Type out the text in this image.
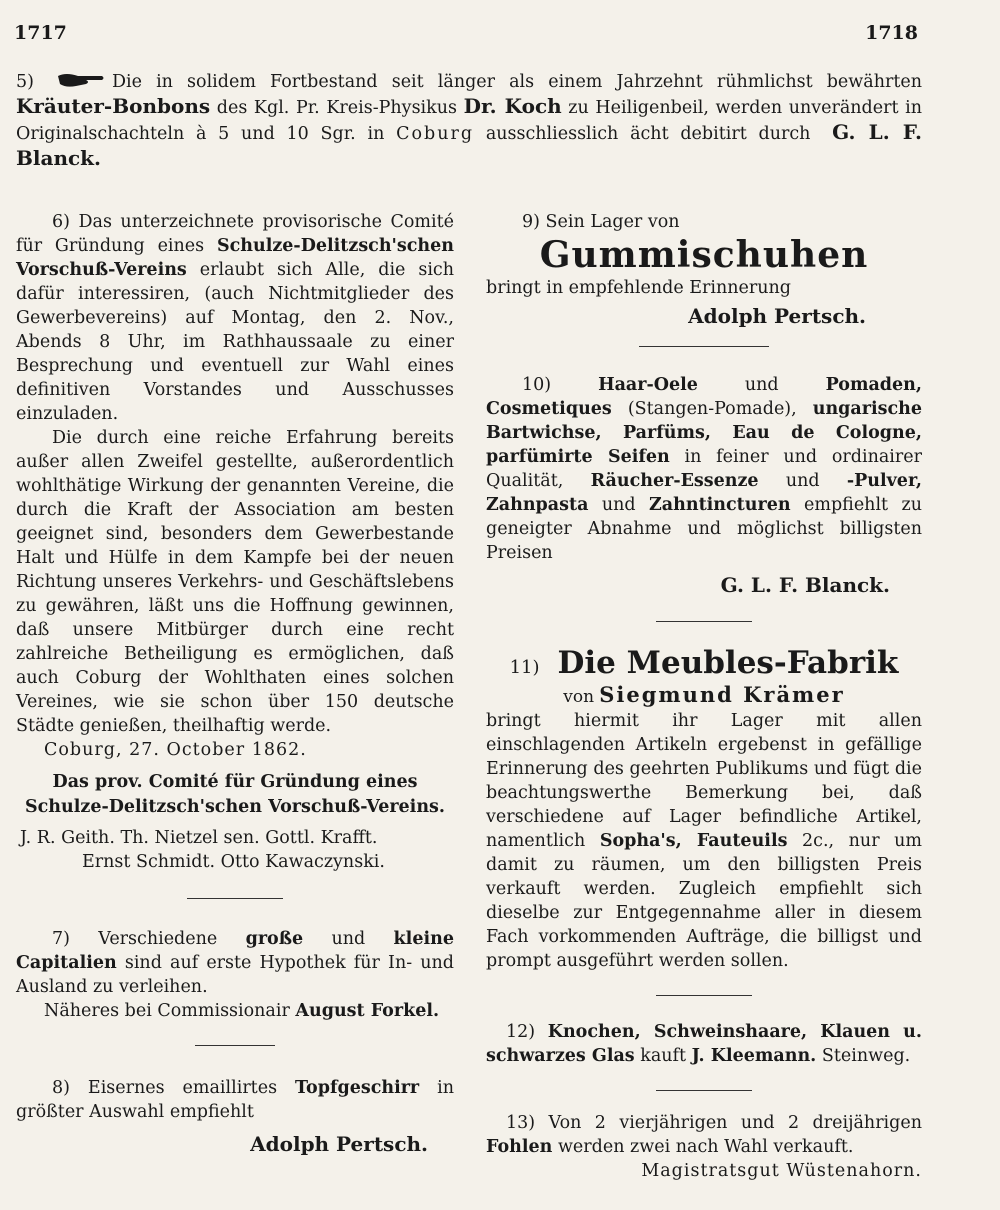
1717	1718

5)	Die in solidem Fortbestand seit länger als einem Jahrzehnt rühmlichst bewährten Kräuter-Bonbons des Kgl. Pr. Kreis-Physikus Dr. Koch zu Heiligenbeil, werden unverändert in Originalschachteln à 5 und 10 Sgr. in Coburg ausschliesslich ächt debitirt durch G. L. F. Blanck.

6) Das unterzeichnete provisorische Comité für Gründung eines Schulze-Delitzsch'schen Vorschuß-Vereins erlaubt sich Alle, die sich dafür interessiren, (auch Nichtmitglieder des Gewerbevereins) auf Montag, den 2. Nov., Abends 8 Uhr, im Rathhaussaale zu einer Besprechung und eventuell zur Wahl eines definitiven Vorstandes und Ausschusses einzuladen.

Die durch eine reiche Erfahrung bereits außer allen Zweifel gestellte, außerordentlich wohlthätige Wirkung der genannten Vereine, die durch die Kraft der Association am besten geeignet sind, besonders dem Gewerbestande Halt und Hülfe in dem Kampfe bei der neuen Richtung unseres Verkehrs- und Geschäftslebens zu gewähren, läßt uns die Hoffnung gewinnen, daß unsere Mitbürger durch eine recht zahlreiche Betheiligung es ermöglichen, daß auch Coburg der Wohlthaten eines solchen Vereines, wie sie schon über 150 deutsche Städte genießen, theilhaftig werde.

Coburg, 27. October 1862.

Das prov. Comité für Gründung eines Schulze-Delitzsch'schen Vorschuß-Vereins.

J. R. Geith. Th. Nietzel sen. Gottl. Krafft.

Ernst Schmidt. Otto Kawaczynski.

7) Verschiedene große und kleine Capitalien sind auf erste Hypothek für In- und Ausland zu verleihen.

Näheres bei Commissionair August Forkel.

8) Eisernes emaillirtes Topfgeschirr in größter Auswahl empfiehlt

Adolph Pertsch.

9) Sein Lager von

Gummischuhen

bringt in empfehlende Erinnerung

Adolph Pertsch.

10)	Haar-Oele	und	Pomaden, Cosmetiques (Stangen-Pomade), ungarische Bartwichse, Parfüms, Eau de Cologne, parfümirte Seifen in feiner und ordinairer Qualität, Räucher-Essenze und -Pulver, Zahnpasta und Zahntincturen empfiehlt zu geneigter Abnahme und möglichst billigsten Preisen

G. L. F. Blanck.

11) Die Meubles-Fabrik
von Siegmund Krämer

bringt hiermit ihr Lager mit allen einschlagenden Artikeln ergebenst in gefällige Erinnerung des geehrten Publikums und fügt die beachtungswerthe Bemerkung bei, daß verschiedene auf Lager befindliche Artikel, namentlich Sopha's, Fauteuils 2c., nur um damit zu räumen, um den billigsten Preis verkauft werden. Zugleich empfiehlt sich dieselbe zur Entgegennahme aller in diesem Fach vorkommenden Aufträge, die billigst und prompt ausgeführt werden sollen.

12) Knochen, Schweinshaare, Klauen u. schwarzes Glas kauft J. Kleemann. Steinweg.

13) Von 2 vierjährigen und 2 dreijährigen Fohlen werden zwei nach Wahl verkauft.

Magistratsgut Wüstenahorn.
